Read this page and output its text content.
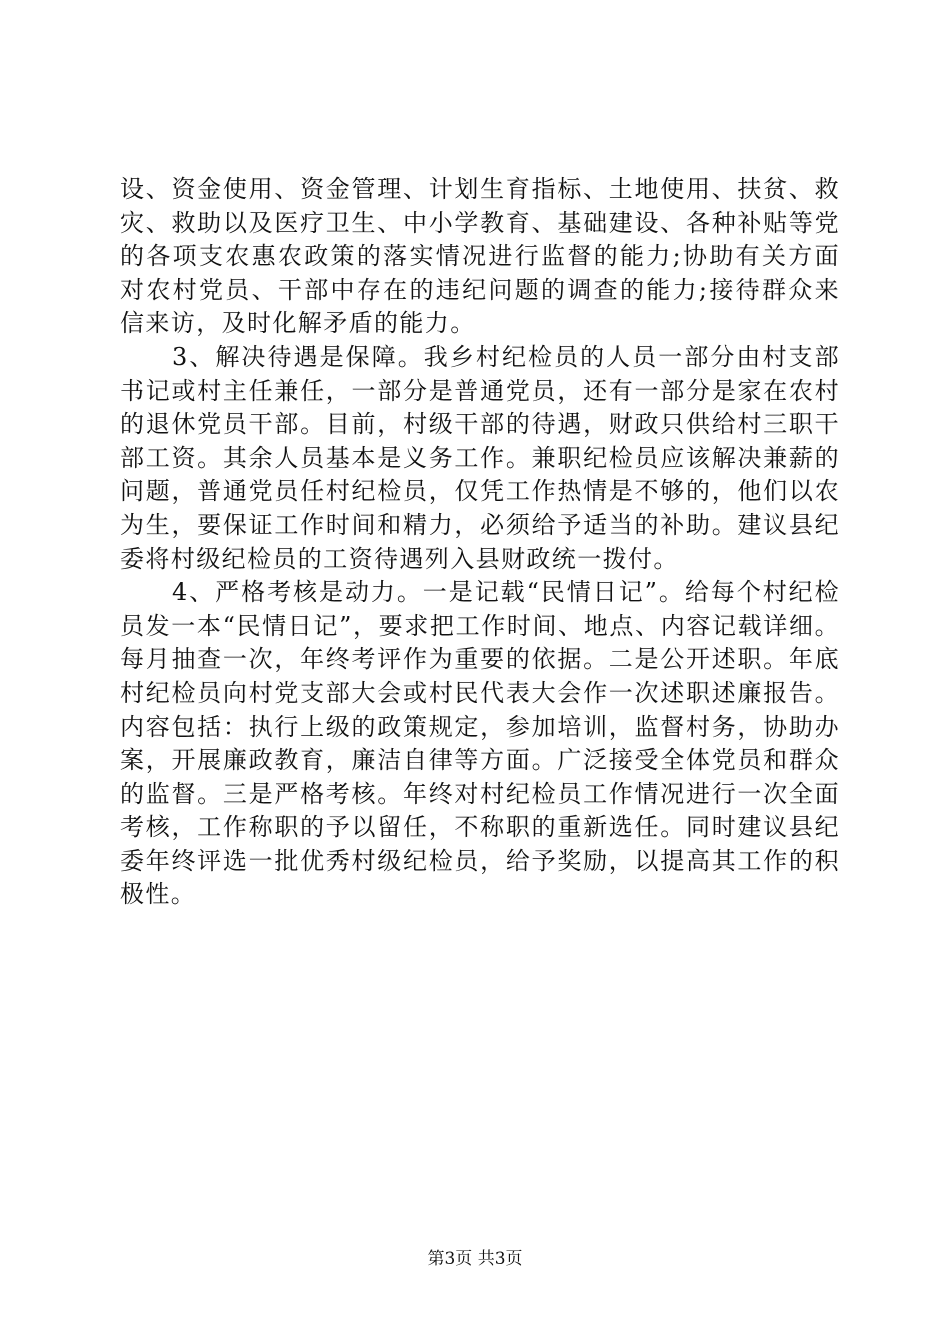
设、资金使用、资金管理、计划生育指标、土地使用、扶贫、救灾、救助以及医疗卫生、中小学教育、基础建设、各种补贴等党的各项支农惠农政策的落实情况进行监督的能力;协助有关方面对农村党员、干部中存在的违纪问题的调查的能力;接待群众来信来访，及时化解矛盾的能力。

3、解决待遇是保障。我乡村纪检员的人员一部分由村支部书记或村主任兼任，一部分是普通党员，还有一部分是家在农村的退休党员干部。目前，村级干部的待遇，财政只供给村三职干部工资。其余人员基本是义务工作。兼职纪检员应该解决兼薪的问题，普通党员任村纪检员，仅凭工作热情是不够的，他们以农为生，要保证工作时间和精力，必须给予适当的补助。建议县纪委将村级纪检员的工资待遇列入县财政统一拨付。

4、严格考核是动力。一是记载“民情日记”。给每个村纪检员发一本“民情日记”，要求把工作时间、地点、内容记载详细。每月抽查一次，年终考评作为重要的依据。二是公开述职。年底村纪检员向村党支部大会或村民代表大会作一次述职述廉报告。内容包括：执行上级的政策规定，参加培训，监督村务，协助办案，开展廉政教育，廉洁自律等方面。广泛接受全体党员和群众的监督。三是严格考核。年终对村纪检员工作情况进行一次全面考核，工作称职的予以留任，不称职的重新选任。同时建议县纪委年终评选一批优秀村级纪检员，给予奖励，以提高其工作的积极性。

第3页 共3页
